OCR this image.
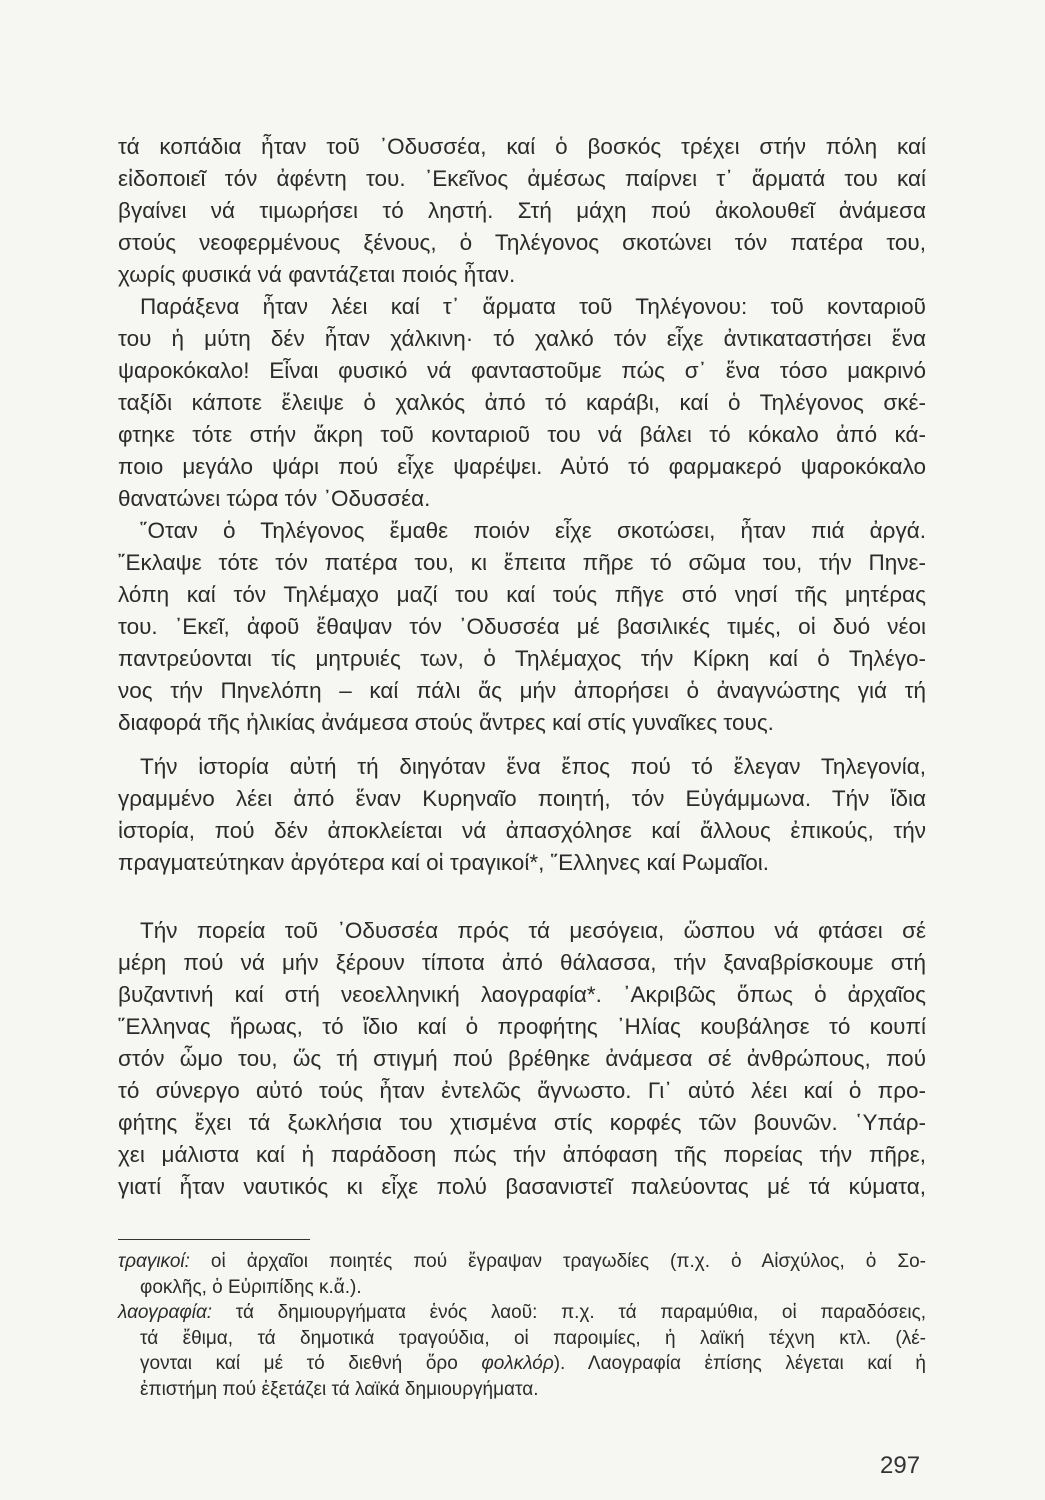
τά κοπάδια ἦταν τοῦ ᾿Οδυσσέα, καί ὁ βοσκός τρέχει στήν πόλη καί
εἰδοποιεῖ τόν ἀφέντη του. ᾿Εκεῖνος ἀμέσως παίρνει τ᾿ ἅρματά του καί
βγαίνει νά τιμωρήσει τό ληστή. Στή μάχη πού ἀκολουθεῖ ἀνάμεσα
στούς νεοφερμένους ξένους, ὁ Τηλέγονος σκοτώνει τόν πατέρα του,
χωρίς φυσικά νά φαντάζεται ποιός ἦταν.
Παράξενα ἦταν λέει καί τ᾿ ἅρματα τοῦ Τηλέγονου: τοῦ κονταριοῦ
του ἡ μύτη δέν ἦταν χάλκινη· τό χαλκό τόν εἶχε ἀντικαταστήσει ἕνα
ψαροκόκαλο! Εἶναι φυσικό νά φανταστοῦμε πώς σ᾿ ἕνα τόσο μακρινό
ταξίδι κάποτε ἔλειψε ὁ χαλκός ἀπό τό καράβι, καί ὁ Τηλέγονος σκέ-
φτηκε τότε στήν ἄκρη τοῦ κονταριοῦ του νά βάλει τό κόκαλο ἀπό κά-
ποιο μεγάλο ψάρι πού εἶχε ψαρέψει. Αὐτό τό φαρμακερό ψαροκόκαλο
θανατώνει τώρα τόν ᾿Οδυσσέα.
῞Οταν ὁ Τηλέγονος ἔμαθε ποιόν εἶχε σκοτώσει, ἦταν πιά ἀργά.
῎Εκλαψε τότε τόν πατέρα του, κι ἔπειτα πῆρε τό σῶμα του, τήν Πηνε-
λόπη καί τόν Τηλέμαχο μαζί του καί τούς πῆγε στό νησί τῆς μητέρας
του. ᾿Εκεῖ, ἀφοῦ ἔθαψαν τόν ᾿Οδυσσέα μέ βασιλικές τιμές, οἱ δυό νέοι
παντρεύονται τίς μητρυιές των, ὁ Τηλέμαχος τήν Κίρκη καί ὁ Τηλέγο-
νος τήν Πηνελόπη – καί πάλι ἄς μήν ἀπορήσει ὁ ἀναγνώστης γιά τή
διαφορά τῆς ἡλικίας ἀνάμεσα στούς ἄντρες καί στίς γυναῖκες τους.
Τήν ἱστορία αὐτή τή διηγόταν ἕνα ἔπος πού τό ἔλεγαν Τηλεγονία,
γραμμένο λέει ἀπό ἕναν Κυρηναῖο ποιητή, τόν Εὐγάμμωνα. Τήν ἴδια
ἱστορία, πού δέν ἀποκλείεται νά ἀπασχόλησε καί ἄλλους ἐπικούς, τήν
πραγματεύτηκαν ἀργότερα καί οἱ τραγικοί*, ῞Ελληνες καί Ρωμαῖοι.
Τήν πορεία τοῦ ᾿Οδυσσέα πρός τά μεσόγεια, ὥσπου νά φτάσει σέ
μέρη πού νά μήν ξέρουν τίποτα ἀπό θάλασσα, τήν ξαναβρίσκουμε στή
βυζαντινή καί στή νεοελληνική λαογραφία*. ᾿Ακριβῶς ὅπως ὁ ἀρχαῖος
῞Ελληνας ἥρωας, τό ἴδιο καί ὁ προφήτης ᾿Ηλίας κουβάλησε τό κουπί
στόν ὦμο του, ὥς τή στιγμή πού βρέθηκε ἀνάμεσα σέ ἀνθρώπους, πού
τό σύνεργο αὐτό τούς ἦταν ἐντελῶς ἄγνωστο. Γι᾿ αὐτό λέει καί ὁ προ-
φήτης ἔχει τά ξωκλήσια του χτισμένα στίς κορφές τῶν βουνῶν. ῾Υπάρ-
χει μάλιστα καί ἡ παράδοση πώς τήν ἀπόφαση τῆς πορείας τήν πῆρε,
γιατί ἦταν ναυτικός κι εἶχε πολύ βασανιστεῖ παλεύοντας μέ τά κύματα,
τραγικοί: οἱ ἀρχαῖοι ποιητές πού ἔγραψαν τραγωδίες (π.χ. ὁ Αἰσχύλος, ὁ Σο-
φοκλῆς, ὁ Εὐριπίδης κ.ἄ.).
λαογραφία: τά δημιουργήματα ἑνός λαοῦ: π.χ. τά παραμύθια, οἱ παραδόσεις,
τά ἔθιμα, τά δημοτικά τραγούδια, οἱ παροιμίες, ἡ λαϊκή τέχνη κτλ. (λέ-
γονται καί μέ τό διεθνή ὅρο φολκλόρ). Λαογραφία ἐπίσης λέγεται καί ἡ
ἐπιστήμη πού ἐξετάζει τά λαϊκά δημιουργήματα.
297
